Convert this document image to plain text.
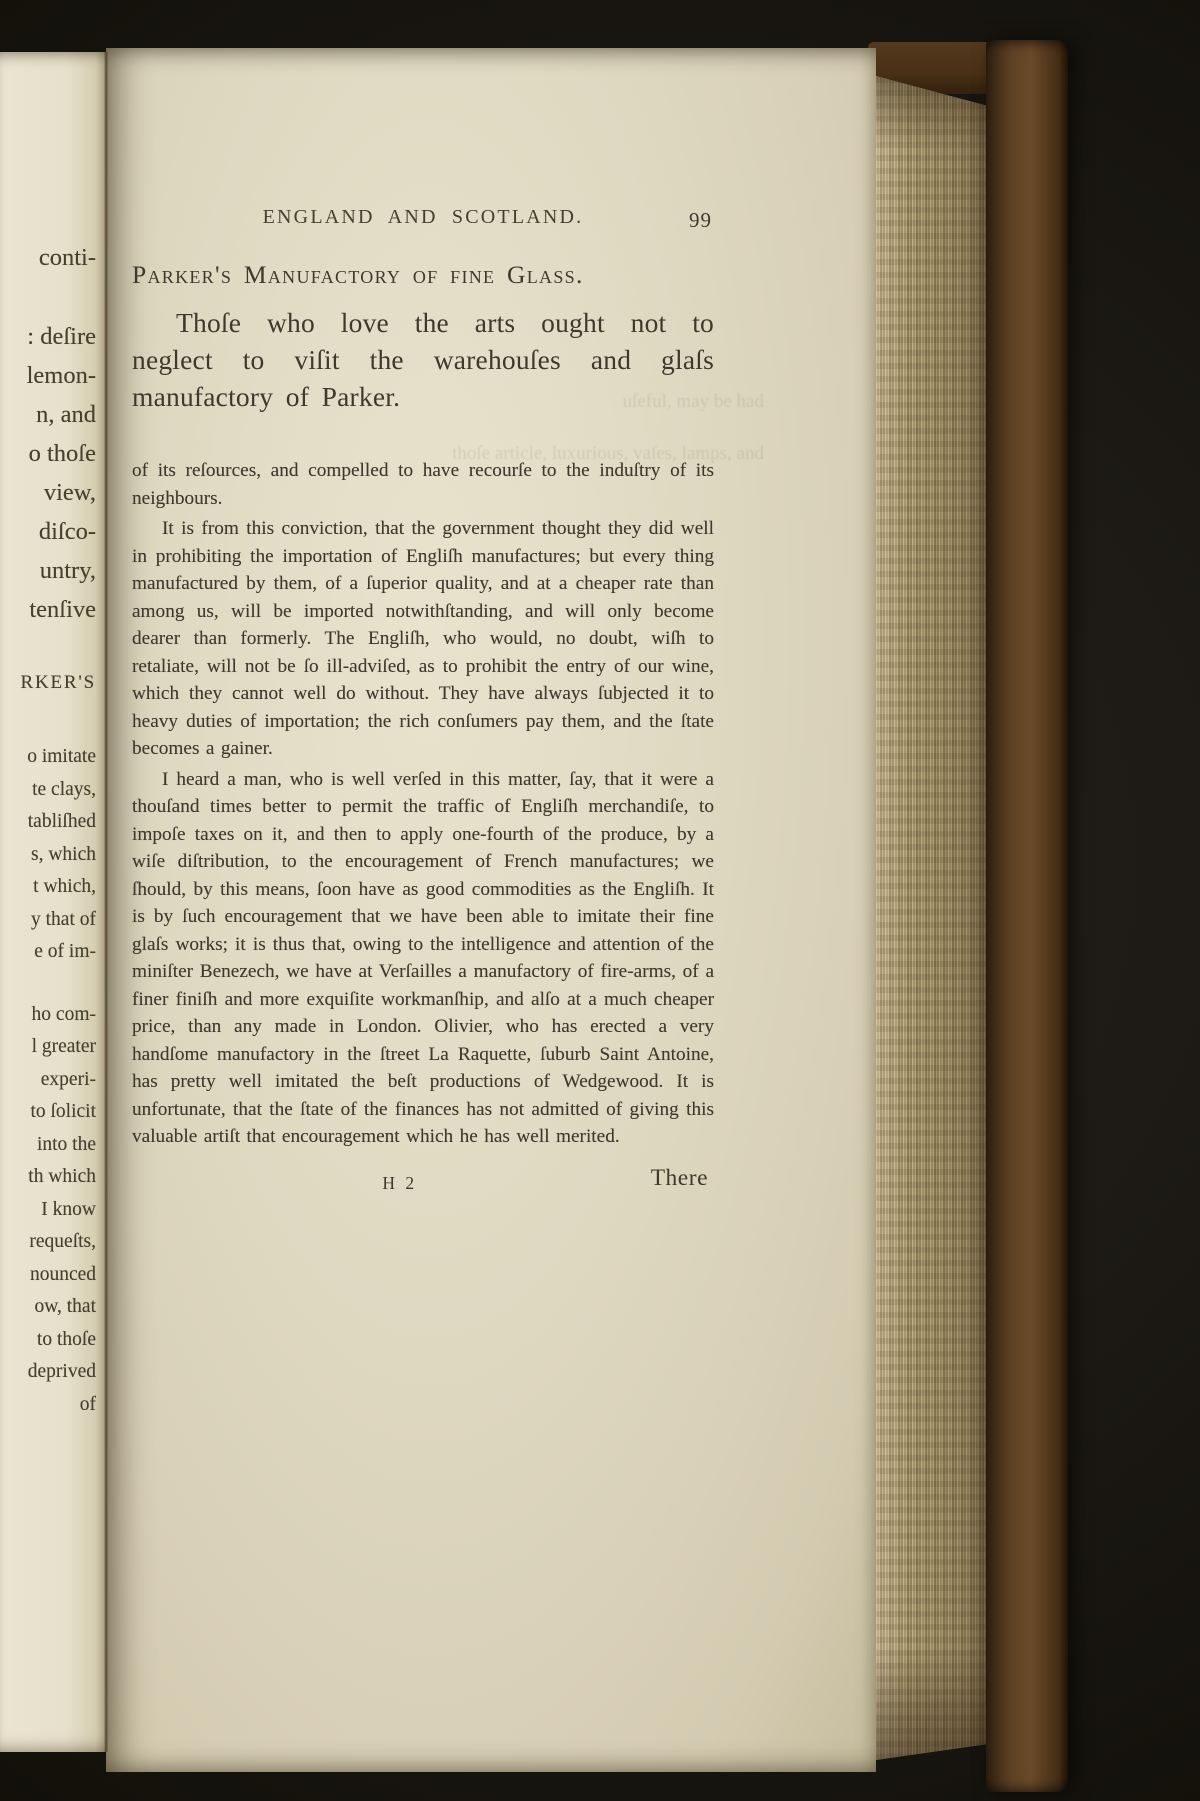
conti-
: deſire
lemon-
n, and
o thoſe
view,
diſco-
untry,
tenſive
RKER'S
o imitate
te clays,
tabliſhed
s, which
t which,
y that of
e of im-
ho com-
l greater
experi-
to ſolicit
into the
th which
I know
requeſts,
nounced
ow, that
to thoſe
deprived
of
uſeful, may be had
thoſe article, luxurious, vaſes, lamps, and
ENGLAND AND SCOTLAND.	99
Parker's Manufactory of fine Glass.

Thoſe who love the arts ought not to neglect to viſit the warehouſes and glaſs manufactory of Parker.

of its reſources, and compelled to have recourſe to the induſtry of its neighbours.

It is from this conviction, that the government thought they did well in prohibiting the importation of Engliſh manufactures; but every thing manufactured by them, of a ſuperior quality, and at a cheaper rate than among us, will be imported notwithſtanding, and will only become dearer than formerly. The Engliſh, who would, no doubt, wiſh to retaliate, will not be ſo ill-adviſed, as to prohibit the entry of our wine, which they cannot well do without. They have always ſubjected it to heavy duties of importation; the rich conſumers pay them, and the ſtate becomes a gainer.

I heard a man, who is well verſed in this matter, ſay, that it were a thouſand times better to permit the traffic of Engliſh merchandiſe, to impoſe taxes on it, and then to apply one-fourth of the produce, by a wiſe diſtribution, to the encouragement of French manufactures; we ſhould, by this means, ſoon have as good commodities as the Engliſh. It is by ſuch encouragement that we have been able to imitate their fine glaſs works; it is thus that, owing to the intelligence and attention of the miniſter Benezech, we have at Verſailles a manufactory of fire-arms, of a finer finiſh and more exquiſite workmanſhip, and alſo at a much cheaper price, than any made in London. Olivier, who has erected a very handſome manufactory in the ſtreet La Raquette, ſuburb Saint Antoine, has pretty well imitated the beſt productions of Wedgewood. It is unfortunate, that the ſtate of the finances has not admitted of giving this valuable artiſt that encouragement which he has well merited.

H 2	There
